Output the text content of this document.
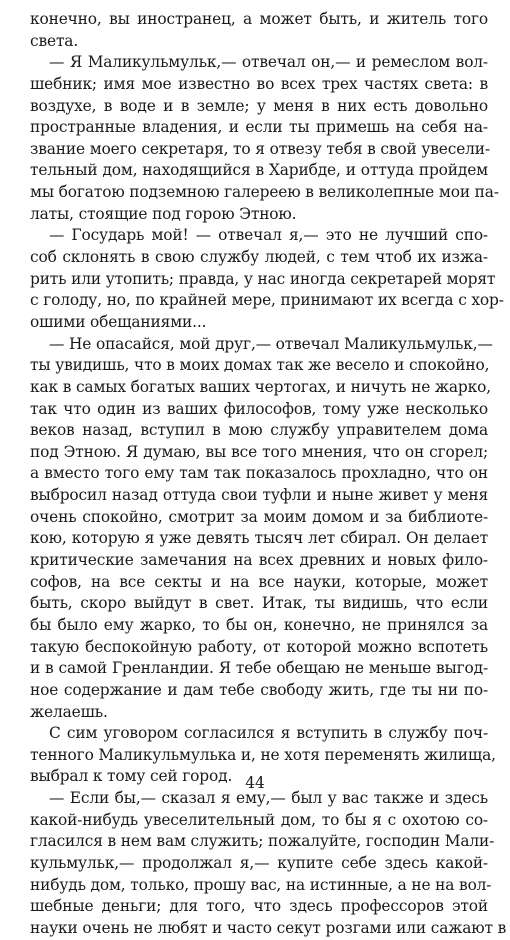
конечно, вы иностранец, а может быть, и житель того
света.
— Я Маликульмульк,— отвечал он,— и ремеслом вол-
шебник; имя мое известно во всех трех частях света: в
воздухе, в воде и в земле; у меня в них есть довольно
пространные владения, и если ты примешь на себя на-
звание моего секретаря, то я отвезу тебя в свой увесели-
тельный дом, находящийся в Харибде, и оттуда пройдем
мы богатою подземною галереею в великолепные мои па-
латы, стоящие под горою Этною.
— Государь мой! — отвечал я,— это не лучший спо-
соб склонять в свою службу людей, с тем чтоб их изжа-
рить или утопить; правда, у нас иногда секретарей морят
с голоду, но, по крайней мере, принимают их всегда с хор-
ошими обещаниями...
— Не опасайся, мой друг,— отвечал Маликульмульк,—
ты увидишь, что в моих домах так же весело и спокойно,
как в самых богатых ваших чертогах, и ничуть не жарко,
так что один из ваших философов, тому уже несколько
веков назад, вступил в мою службу управителем дома
под Этною. Я думаю, вы все того мнения, что он сгорел;
а вместо того ему там так показалось прохладно, что он
выбросил назад оттуда свои туфли и ныне живет у меня
очень спокойно, смотрит за моим домом и за библиоте-
кою, которую я уже девять тысяч лет сбирал. Он делает
критические замечания на всех древних и новых фило-
софов, на все секты и на все науки, которые, может
быть, скоро выйдут в свет. Итак, ты видишь, что если
бы было ему жарко, то бы он, конечно, не принялся за
такую беспокойную работу, от которой можно вспотеть
и в самой Гренландии. Я тебе обещаю не меньше выгод-
ное содержание и дам тебе свободу жить, где ты ни по-
желаешь.
С сим уговором согласился я вступить в службу поч-
тенного Маликульмулька и, не хотя переменять жилища,
выбрал к тому сей город.
— Если бы,— сказал я ему,— был у вас также и здесь
какой-нибудь увеселительный дом, то бы я с охотою со-
гласился в нем вам служить; пожалуйте, господин Мали-
кульмульк,— продолжал я,— купите себе здесь какой-
нибудь дом, только, прошу вас, на истинные, а не на вол-
шебные деньги; для того, что здесь профессоров этой
науки очень не любят и часто секут розгами или сажают в
44
